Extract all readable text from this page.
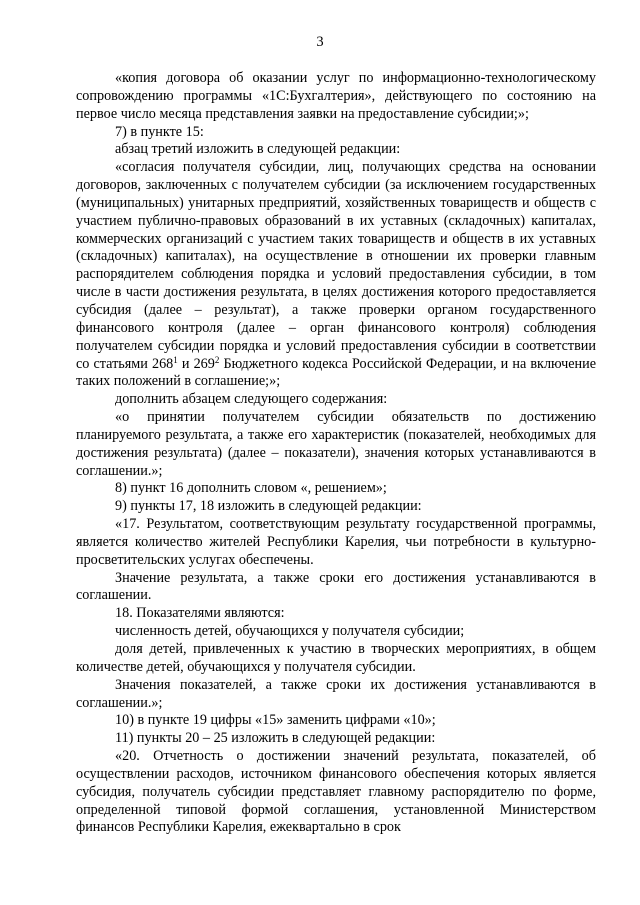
3

«копия договора об оказании услуг по информационно-технологическому сопровождению программы «1С:Бухгалтерия», действующего по состоянию на первое число месяца представления заявки на предоставление субсидии;»;

7) в пункте 15:

абзац третий изложить в следующей редакции:

«согласия получателя субсидии, лиц, получающих средства на основании договоров, заключенных с получателем субсидии (за исключением государственных (муниципальных) унитарных предприятий, хозяйственных товариществ и обществ с участием публично-правовых образований в их уставных (складочных) капиталах, коммерческих организаций с участием таких товариществ и обществ в их уставных (складочных) капиталах), на осуществление в отношении их проверки главным распорядителем соблюдения порядка и условий предоставления субсидии, в том числе в части достижения результата, в целях достижения которого предоставляется субсидия (далее – результат), а также проверки органом государственного финансового контроля (далее – орган финансового контроля) соблюдения получателем субсидии порядка и условий предоставления субсидии в соответствии со статьями $268^1$ и $269^2$ Бюджетного кодекса Российской Федерации, и на включение таких положений в соглашение;»;

дополнить абзацем следующего содержания:

«о принятии получателем субсидии обязательств по достижению планируемого результата, а также его характеристик (показателей, необходимых для достижения результата) (далее – показатели), значения которых устанавливаются в соглашении.»;

8) пункт 16 дополнить словом «, решением»;

9) пункты 17, 18 изложить в следующей редакции:

«17. Результатом, соответствующим результату государственной программы, является количество жителей Республики Карелия, чьи потребности в культурно-просветительских услугах обеспечены.

Значение результата, а также сроки его достижения устанавливаются в соглашении.

18. Показателями являются:

численность детей, обучающихся у получателя субсидии;

доля детей, привлеченных к участию в творческих мероприятиях, в общем количестве детей, обучающихся у получателя субсидии.

Значения показателей, а также сроки их достижения устанавливаются в соглашении.»;

10) в пункте 19 цифры «15» заменить цифрами «10»;

11) пункты 20 – 25 изложить в следующей редакции:

«20. Отчетность о достижении значений результата, показателей, об осуществлении расходов, источником финансового обеспечения которых является субсидия, получатель субсидии представляет главному распорядителю по форме, определенной типовой формой соглашения, установленной Министерством финансов Республики Карелия, ежеквартально в срок
